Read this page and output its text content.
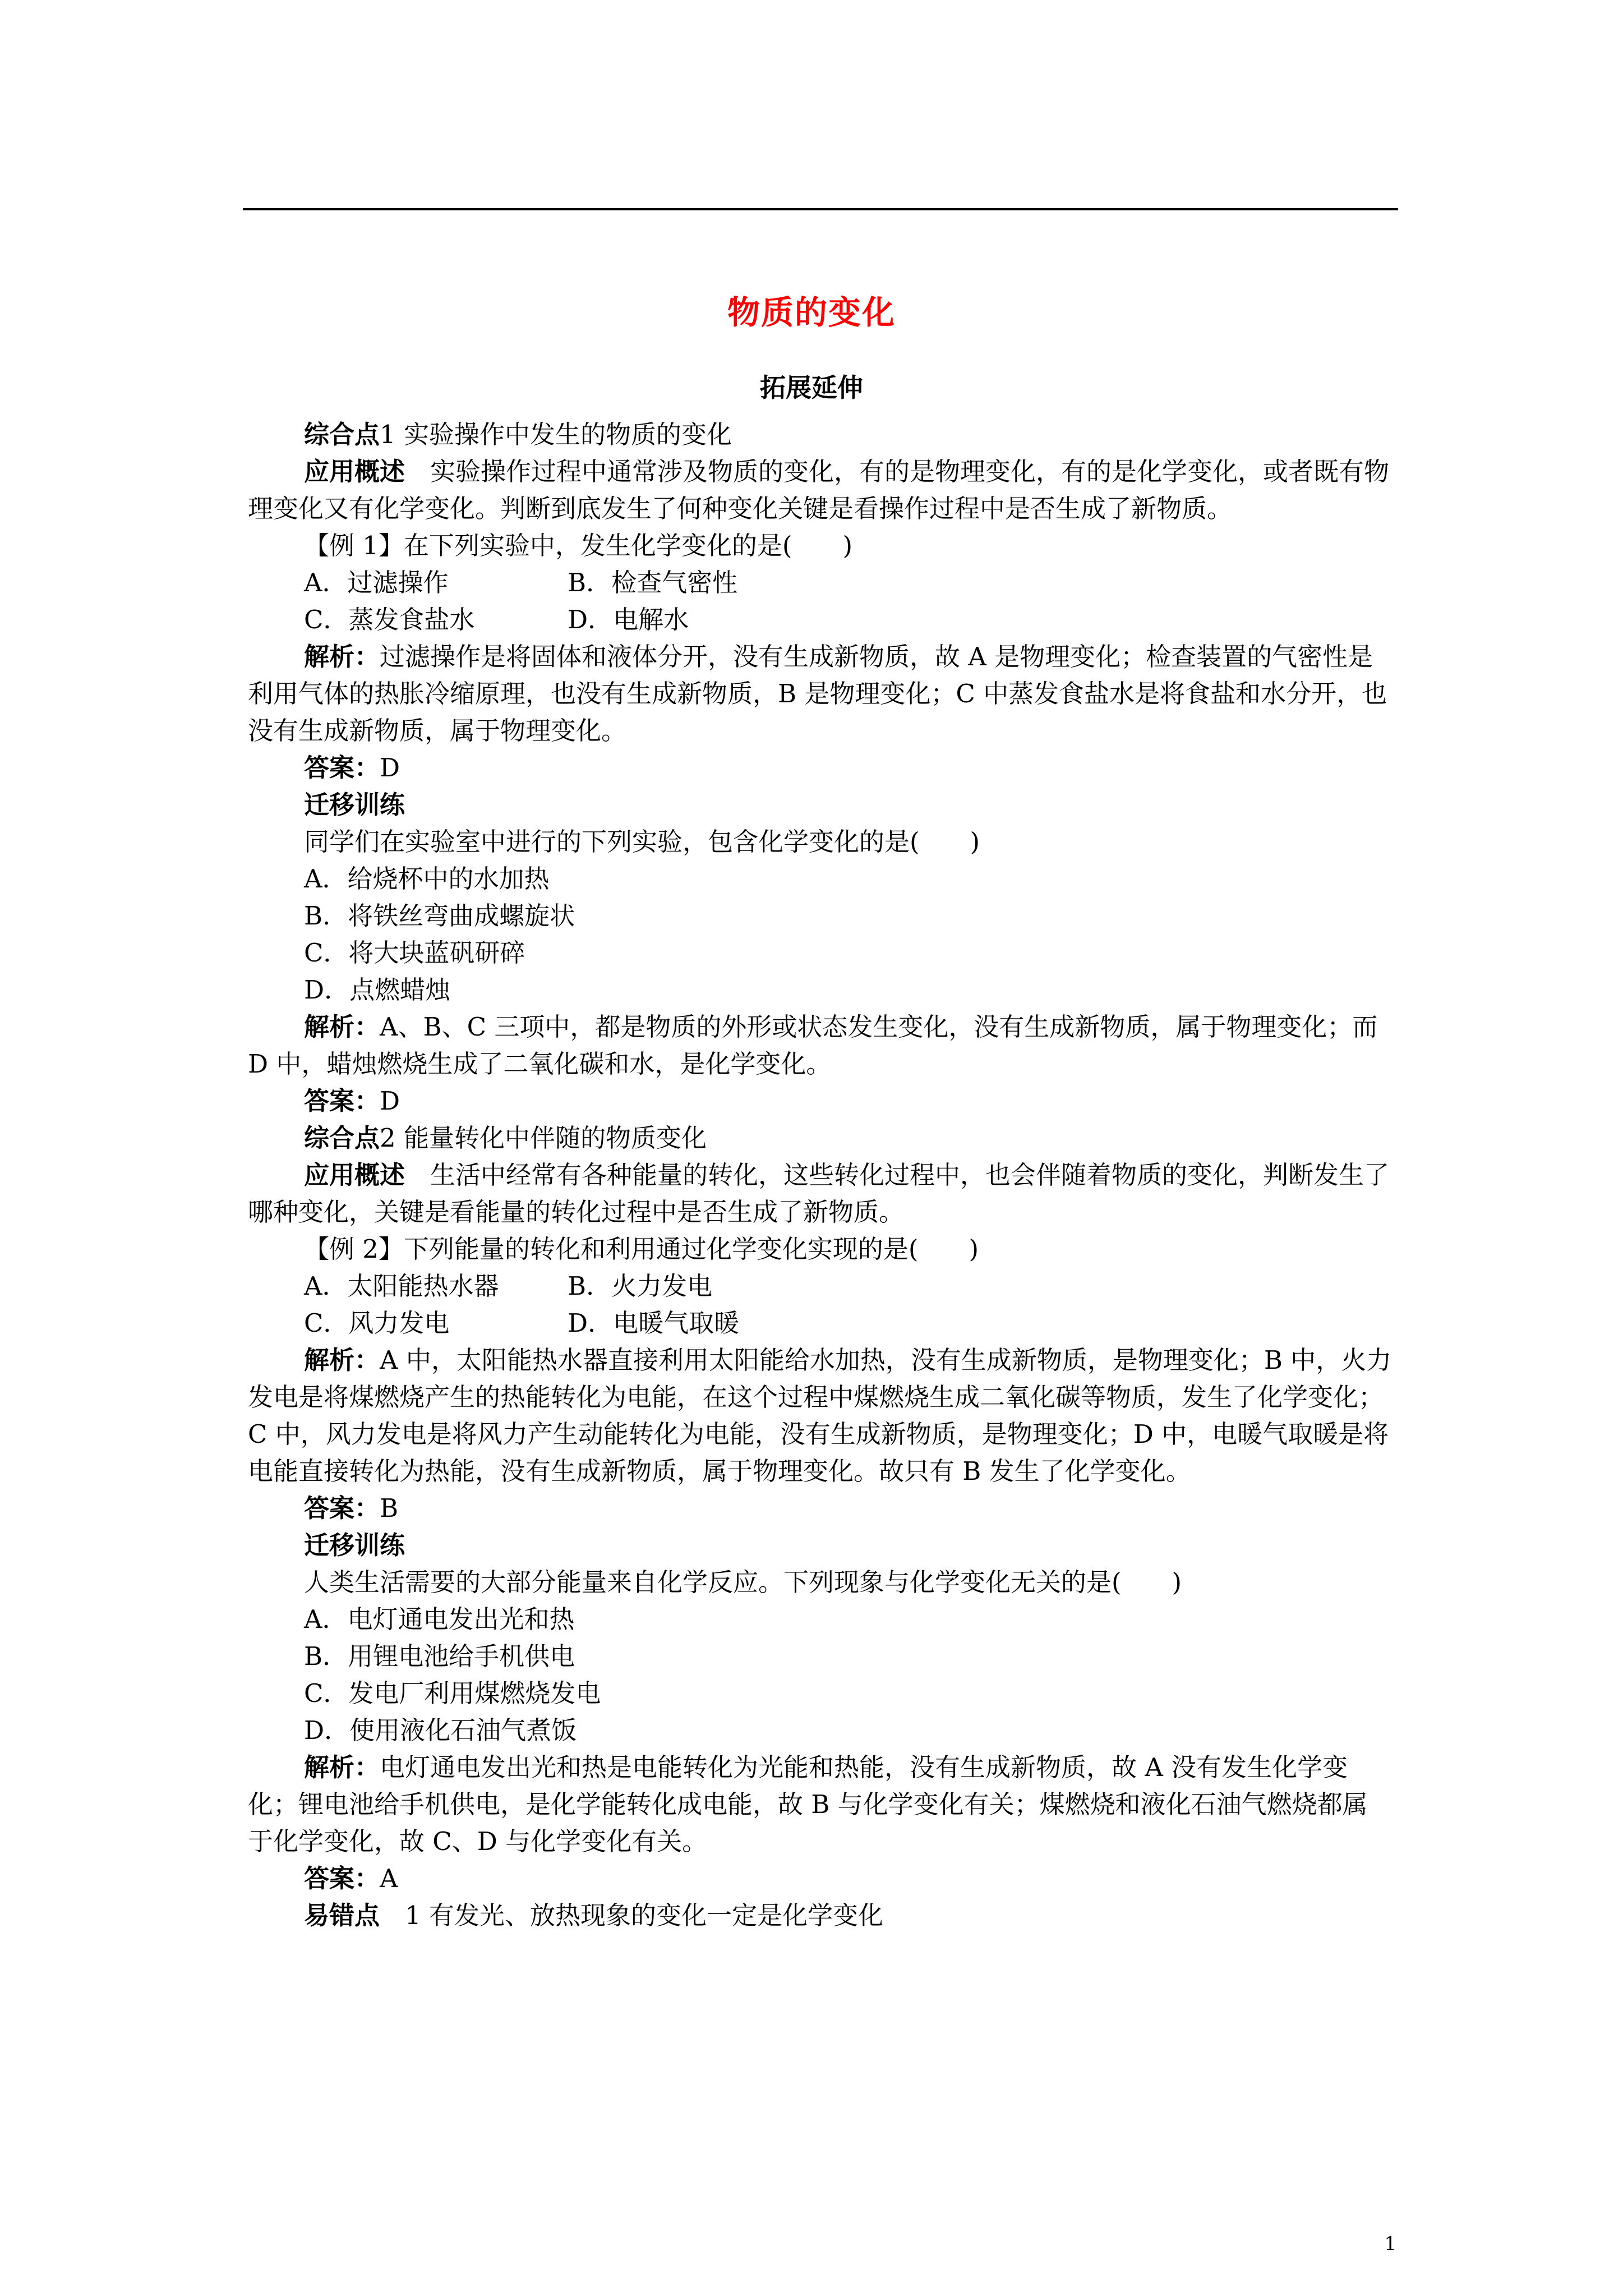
物质的变化
拓展延伸

综合点1 实验操作中发生的物质的变化

应用概述  实验操作过程中通常涉及物质的变化，有的是物理变化，有的是化学变化，或者既有物理变化又有化学变化。判断到底发生了何种变化关键是看操作过程中是否生成了新物质。

【例 1】在下列实验中，发生化学变化的是(　　)

A．过滤操作	B．检查气密性
C．蒸发食盐水	D．电解水

解析：过滤操作是将固体和液体分开，没有生成新物质，故 A 是物理变化；检查装置的气密性是利用气体的热胀冷缩原理，也没有生成新物质，B 是物理变化；C 中蒸发食盐水是将食盐和水分开，也没有生成新物质，属于物理变化。

答案：D

迁移训练

同学们在实验室中进行的下列实验，包含化学变化的是(　　)

A．给烧杯中的水加热

B．将铁丝弯曲成螺旋状

C．将大块蓝矾研碎

D．点燃蜡烛

解析：A、B、C 三项中，都是物质的外形或状态发生变化，没有生成新物质，属于物理变化；而 D 中，蜡烛燃烧生成了二氧化碳和水，是化学变化。

答案：D

综合点2 能量转化中伴随的物质变化

应用概述  生活中经常有各种能量的转化，这些转化过程中，也会伴随着物质的变化，判断发生了哪种变化，关键是看能量的转化过程中是否生成了新物质。

【例 2】下列能量的转化和利用通过化学变化实现的是(　　)

A．太阳能热水器	B．火力发电
C．风力发电	D．电暖气取暖

解析：A 中，太阳能热水器直接利用太阳能给水加热，没有生成新物质，是物理变化；B 中，火力发电是将煤燃烧产生的热能转化为电能，在这个过程中煤燃烧生成二氧化碳等物质，发生了化学变化；C 中，风力发电是将风力产生动能转化为电能，没有生成新物质，是物理变化；D 中，电暖气取暖是将电能直接转化为热能，没有生成新物质，属于物理变化。故只有 B 发生了化学变化。

答案：B

迁移训练

人类生活需要的大部分能量来自化学反应。下列现象与化学变化无关的是(　　)

A．电灯通电发出光和热

B．用锂电池给手机供电

C．发电厂利用煤燃烧发电

D．使用液化石油气煮饭

解析：电灯通电发出光和热是电能转化为光能和热能，没有生成新物质，故 A 没有发生化学变化；锂电池给手机供电，是化学能转化成电能，故 B 与化学变化有关；煤燃烧和液化石油气燃烧都属于化学变化，故 C、D 与化学变化有关。

答案：A

易错点  1 有发光、放热现象的变化一定是化学变化

1
